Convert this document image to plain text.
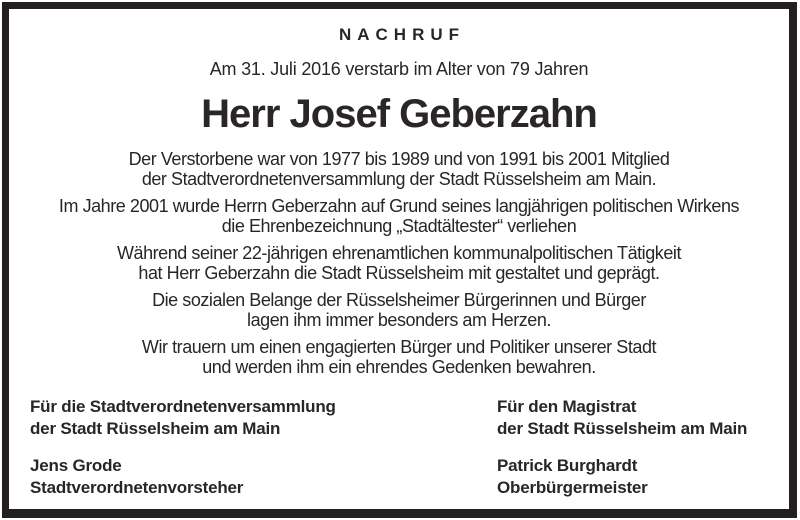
NACHRUF
Am 31. Juli 2016 verstarb im Alter von 79 Jahren
Herr Josef Geberzahn
Der Verstorbene war von 1977 bis 1989 und von 1991 bis 2001 Mitglied
der Stadtverordnetenversammlung der Stadt Rüsselsheim am Main.
Im Jahre 2001 wurde Herrn Geberzahn auf Grund seines langjährigen politischen Wirkens
die Ehrenbezeichnung „Stadtältester“ verliehen
Während seiner 22-jährigen ehrenamtlichen kommunalpolitischen Tätigkeit
hat Herr Geberzahn die Stadt Rüsselsheim mit gestaltet und geprägt.
Die sozialen Belange der Rüsselsheimer Bürgerinnen und Bürger
lagen ihm immer besonders am Herzen.
Wir trauern um einen engagierten Bürger und Politiker unserer Stadt
und werden ihm ein ehrendes Gedenken bewahren.
Für die Stadtverordnetenversammlung
der Stadt Rüsselsheim am Main
Jens Grode
Stadtverordnetenvorsteher
Für den Magistrat
der Stadt Rüsselsheim am Main
Patrick Burghardt
Oberbürgermeister
